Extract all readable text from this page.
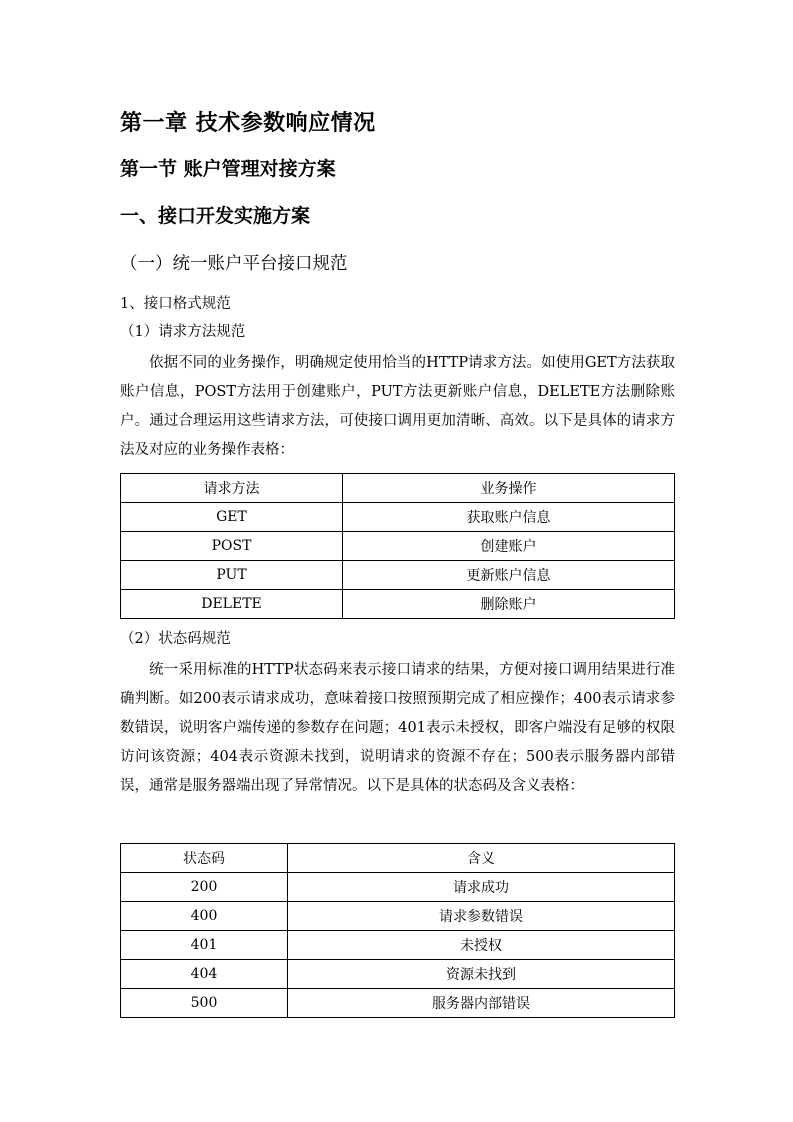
第一章 技术参数响应情况
第一节 账户管理对接方案
一、接口开发实施方案
（一）统一账户平台接口规范
1、接口格式规范
（1）请求方法规范

依据不同的业务操作，明确规定使用恰当的HTTP请求方法。如使用GET方法获取账户信息，POST方法用于创建账户，PUT方法更新账户信息，DELETE方法删除账户。通过合理运用这些请求方法，可使接口调用更加清晰、高效。以下是具体的请求方法及对应的业务操作表格：

请求方法	业务操作
GET	获取账户信息
POST	创建账户
PUT	更新账户信息
DELETE	删除账户
（2）状态码规范

统一采用标准的HTTP状态码来表示接口请求的结果，方便对接口调用结果进行准确判断。如200表示请求成功，意味着接口按照预期完成了相应操作；400表示请求参数错误，说明客户端传递的参数存在问题；401表示未授权，即客户端没有足够的权限访问该资源；404表示资源未找到，说明请求的资源不存在；500表示服务器内部错误，通常是服务器端出现了异常情况。以下是具体的状态码及含义表格：

状态码	含义
200	请求成功
400	请求参数错误
401	未授权
404	资源未找到
500	服务器内部错误
